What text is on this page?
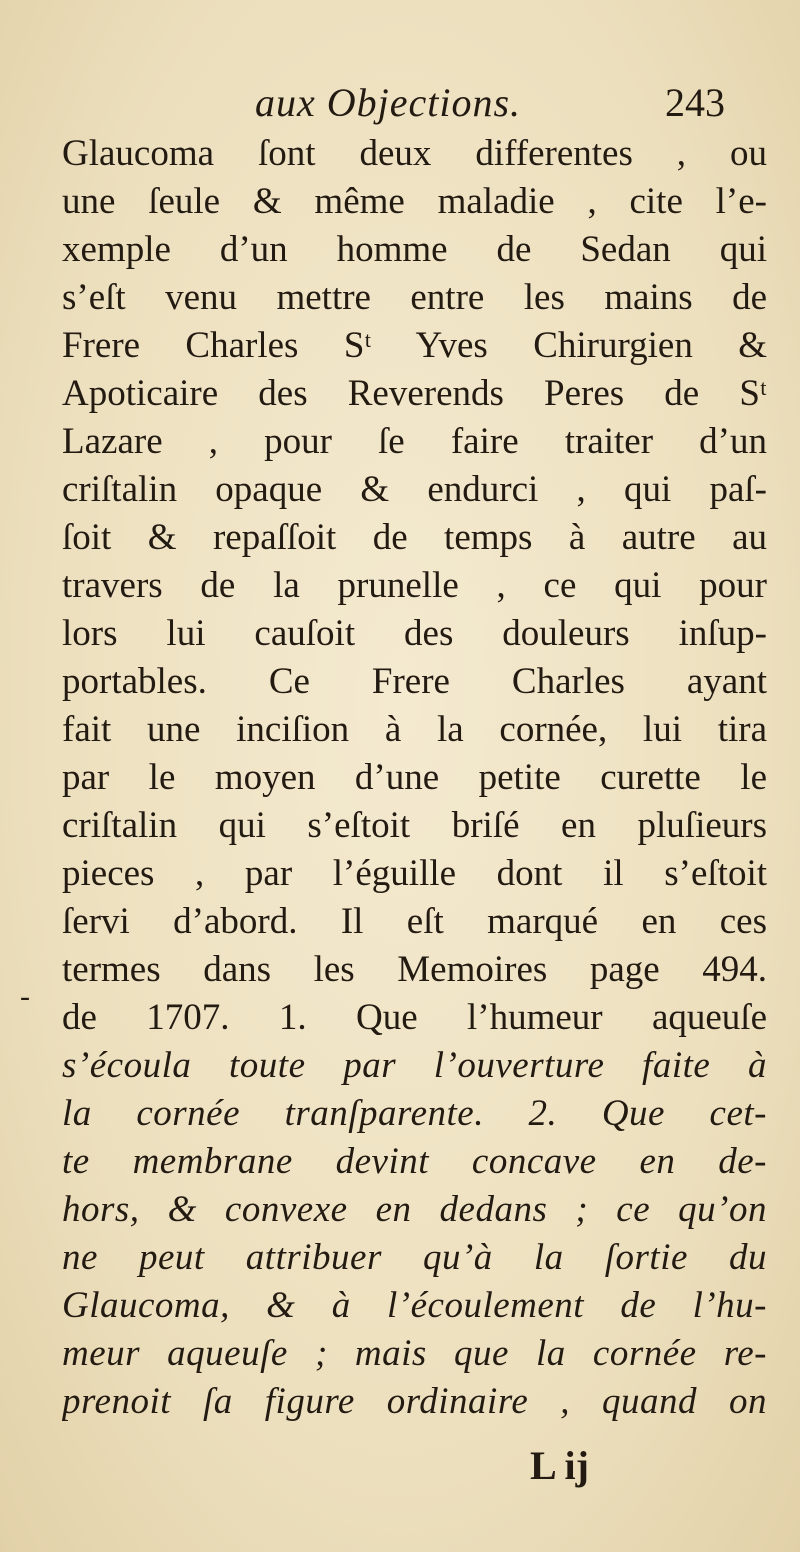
aux Objections.	243
-
Glaucoma ſont deux differentes , ou
une ſeule & même maladie , cite l’e-
xemple d’un homme de Sedan qui
s’eſt venu mettre entre les mains de
Frere Charles Sᵗ Yves Chirurgien &
Apoticaire des Reverends Peres de Sᵗ
Lazare , pour ſe faire traiter d’un
criſtalin opaque & endurci , qui paſ-
ſoit & repaſſoit de temps à autre au
travers de la prunelle , ce qui pour
lors lui cauſoit des douleurs inſup-
portables. Ce Frere Charles ayant
fait une inciſion à la cornée, lui tira
par le moyen d’une petite curette le
criſtalin qui s’eſtoit briſé en pluſieurs
pieces , par l’éguille dont il s’eſtoit
ſervi d’abord. Il eſt marqué en ces
termes dans les Memoires page 494.
de 1707. 1. Que l’humeur aqueuſe
s’écoula toute par l’ouverture faite à
la cornée tranſparente. 2. Que cet-
te membrane devint concave en de-
hors, & convexe en dedans ; ce qu’on
ne peut attribuer qu’à la ſortie du
Glaucoma, & à l’écoulement de l’hu-
meur aqueuſe ; mais que la cornée re-
prenoit ſa figure ordinaire , quand on
L ij
